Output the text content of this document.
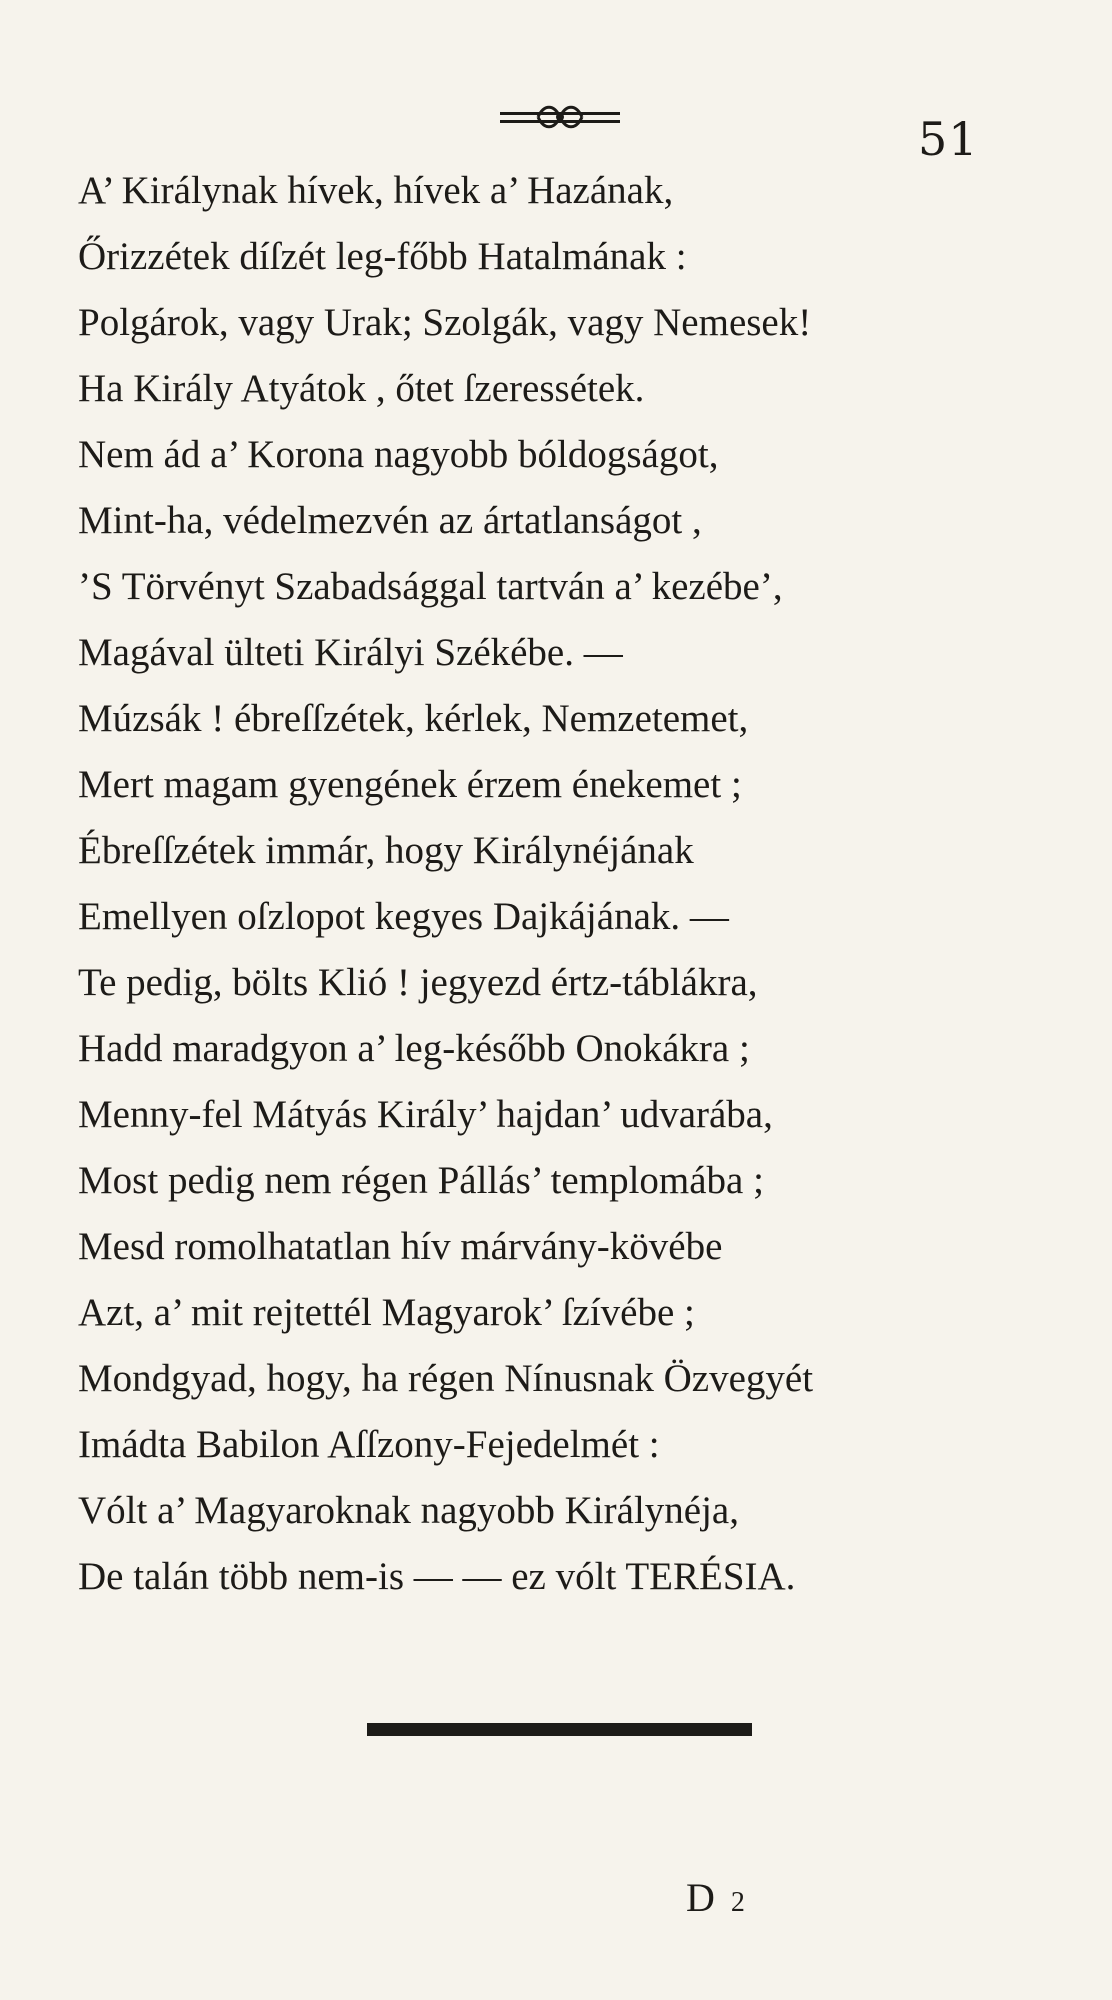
51
A’ Királynak hívek, hívek a’ Hazának,
Őrizzétek díſzét leg-főbb Hatalmának :
Polgárok, vagy Urak; Szolgák, vagy Nemesek!
Ha Király Atyátok , őtet ſzeressétek.
Nem ád a’ Korona nagyobb bóldogságot,
Mint-ha, védelmezvén az ártatlanságot ,
’S Törvényt Szabadsággal tartván a’ kezébe’,
Magával ülteti Királyi Székébe. —
Múzsák ! ébreſſzétek, kérlek, Nemzetemet,
Mert magam gyengének érzem énekemet ;
Ébreſſzétek immár, hogy Királynéjának
Emellyen oſzlopot kegyes Dajkájának. —
Te pedig, bölts Klió ! jegyezd értz-táblákra,
Hadd maradgyon a’ leg-később Onokákra ;
Menny-fel Mátyás Király’ hajdan’ udvarába,
Most pedig nem régen Pállás’ templomába ;
Mesd romolhatatlan hív márvány-kövébe
Azt, a’ mit rejtettél Magyarok’ ſzívébe ;
Mondgyad, hogy, ha régen Nínusnak Özvegyét
Imádta Babilon Aſſzony-Fejedelmét :
Vólt a’ Magyaroknak nagyobb Királynéja,
De talán több nem-is — — ez vólt TERÉSIA.
D 2
